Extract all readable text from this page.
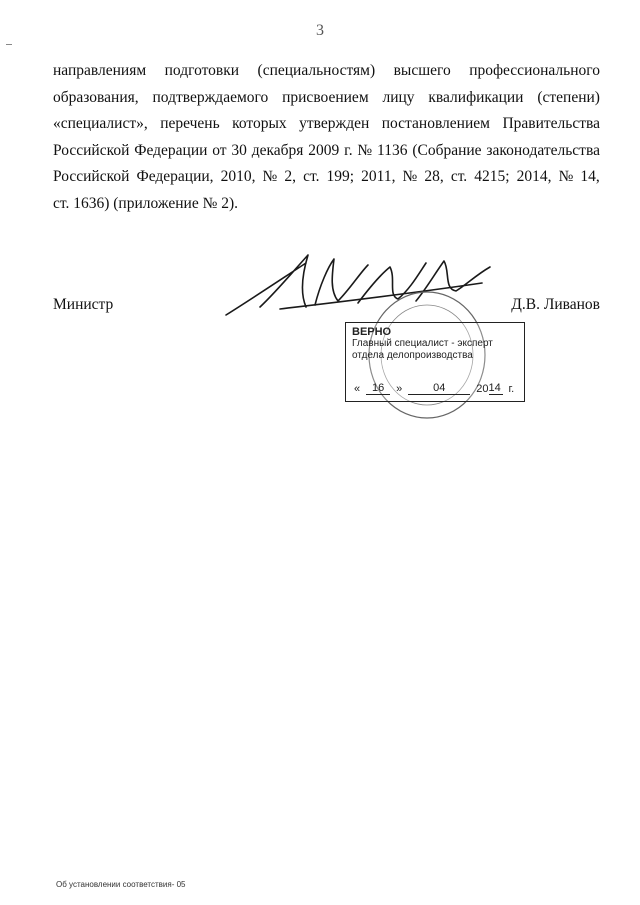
3
направлениям подготовки (специальностям) высшего профессионального
образования, подтверждаемого присвоением лицу квалификации (степени)
«специалист», перечень которых утвержден постановлением Правительства
Российской Федерации от 30 декабря 2009 г. № 1136 (Собрание законодательства
Российской Федерации, 2010, № 2, ст. 199; 2011, № 28, ст. 4215; 2014, № 14,
ст. 1636) (приложение № 2).
Министр	Д.В. Ливанов
ВЕРНО
Главный специалист - эксперт
отдела делопроизводства
«	16	»	04	20 14 г.
Об установлении соответствия- 05
